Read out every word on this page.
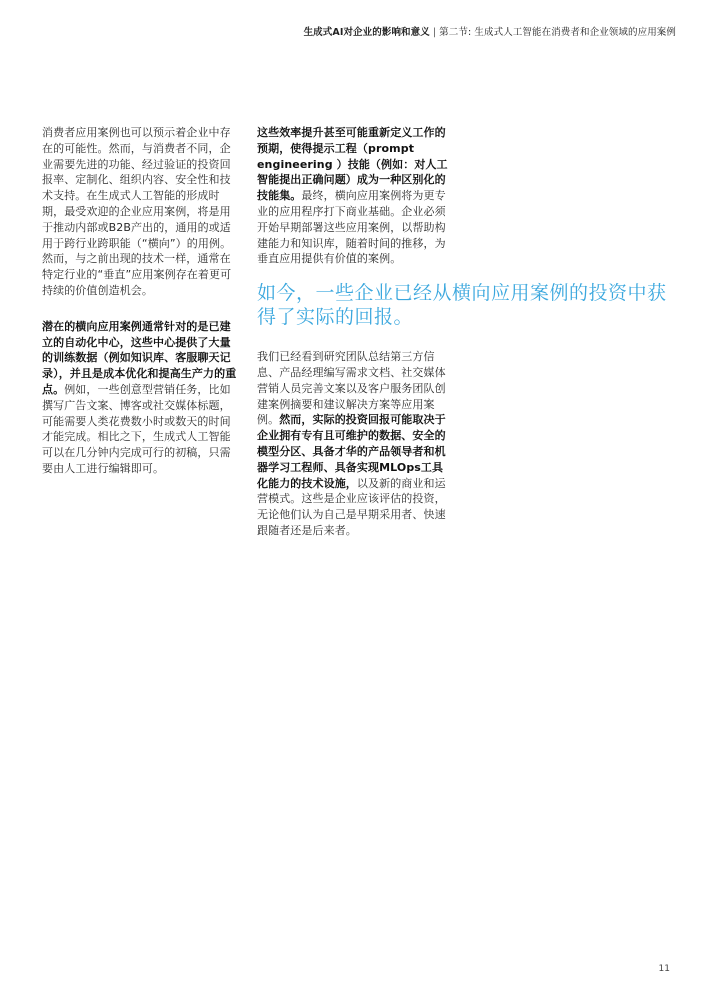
生成式AI对企业的影响和意义 | 第二节: 生成式人工智能在消费者和企业领域的应用案例

消费者应用案例也可以预示着企业中存在的可能性。然而，与消费者不同，企业需要先进的功能、经过验证的投资回报率、定制化、组织内容、安全性和技术支持。在生成式人工智能的形成时期，最受欢迎的企业应用案例，将是用于推动内部或B2B产出的，通用的或适用于跨行业跨职能（“横向”）的用例。然而，与之前出现的技术一样，通常在特定行业的“垂直”应用案例存在着更可持续的价值创造机会。

潜在的横向应用案例通常针对的是已建立的自动化中心，这些中心提供了大量的训练数据（例如知识库、客服聊天记录），并且是成本优化和提高生产力的重点。例如，一些创意型营销任务，比如撰写广告文案、博客或社交媒体标题，可能需要人类花费数小时或数天的时间才能完成。相比之下，生成式人工智能可以在几分钟内完成可行的初稿，只需要由人工进行编辑即可。

这些效率提升甚至可能重新定义工作的预期，使得提示工程（prompt engineering ）技能（例如：对人工智能提出正确问题）成为一种区别化的技能集。最终，横向应用案例将为更专业的应用程序打下商业基础。企业必须开始早期部署这些应用案例，以帮助构建能力和知识库，随着时间的推移，为垂直应用提供有价值的案例。

如今，一些企业已经从横向应用案例的投资中获得了实际的回报。

我们已经看到研究团队总结第三方信息、产品经理编写需求文档、社交媒体营销人员完善文案以及客户服务团队创建案例摘要和建议解决方案等应用案例。然而，实际的投资回报可能取决于企业拥有专有且可维护的数据、安全的模型分区、具备才华的产品领导者和机器学习工程师、具备实现MLOps工具化能力的技术设施，以及新的商业和运营模式。这些是企业应该评估的投资，无论他们认为自己是早期采用者、快速跟随者还是后来者。

11
